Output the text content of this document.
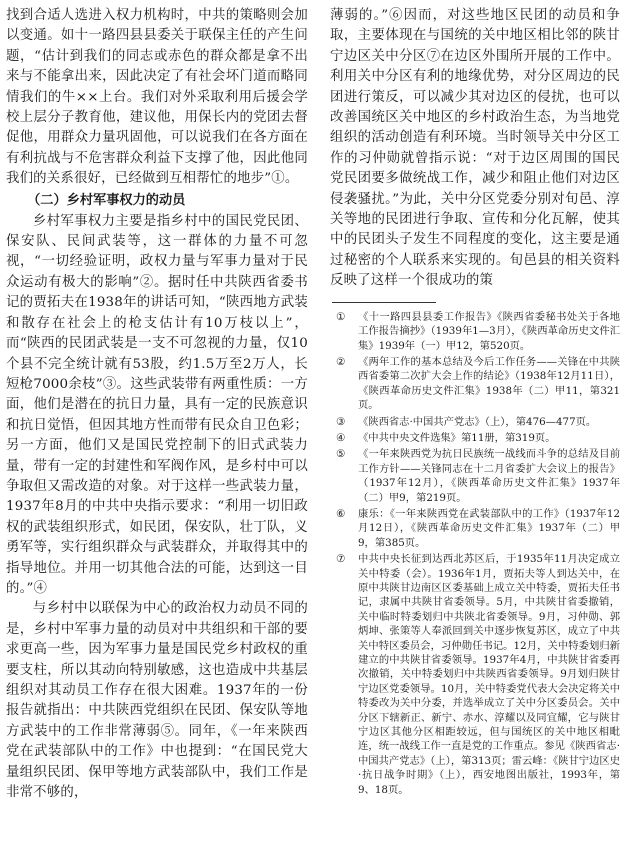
找到合适人选进入权力机构时，中共的策略则会加以变通。如十一路四县县委关于联保主任的产生问题，“估计到我们的同志或赤色的群众都是拿不出来与不能拿出来，因此决定了有社会坏门道而略同情我们的牛××上台。我们对外采取利用后援会学校上层分子教育他，建议他，用保长内的党团去督促他，用群众力量巩固他，可以说我们在各方面在有利抗战与不危害群众利益下支撑了他，因此他同我们的关系很好，已经做到互相帮忙的地步”①。

（二）乡村军事权力的动员

乡村军事权力主要是指乡村中的国民党民团、保安队、民间武装等，这一群体的力量不可忽视，“一切经验证明，政权力量与军事力量对于民众运动有极大的影响”②。据时任中共陕西省委书记的贾拓夫在1938年的讲话可知，“陕西地方武装和散存在社会上的枪支估计有10万枝以上”，而“陕西的民团武装是一支不可忽视的力量，仅10个县不完全统计就有53股，约1.5万至2万人，长短枪7000余枝”③。这些武装带有两重性质：一方面，他们是潜在的抗日力量，具有一定的民族意识和抗日觉悟，但因其地方性而带有民众自卫色彩；另一方面，他们又是国民党控制下的旧式武装力量，带有一定的封建性和军阀作风，是乡村中可以争取但又需改造的对象。对于这样一些武装力量，1937年8月的中共中央指示要求：“利用一切旧政权的武装组织形式，如民团，保安队，壮丁队，义勇军等，实行组织群众与武装群众，并取得其中的指导地位。并用一切其他合法的可能，达到这一目的。”④

与乡村中以联保为中心的政治权力动员不同的是，乡村中军事力量的动员对中共组织和干部的要求更高一些，因为军事力量是国民党乡村政权的重要支柱，所以其动向特别敏感，这也造成中共基层组织对其动员工作存在很大困难。1937年的一份报告就指出：中共陕西党组织在民团、保安队等地方武装中的工作非常薄弱⑤。同年，《一年来陕西党在武装部队中的工作》中也提到：“在国民党大量组织民团、保甲等地方武装部队中，我们工作是非常不够的，

薄弱的。”⑥因而，对这些地区民团的动员和争取，主要体现在与国统的关中地区相比邻的陕甘宁边区关中分区⑦在边区外围所开展的工作中。利用关中分区有利的地缘优势，对分区周边的民团进行策反，可以减少其对边区的侵扰，也可以改善国统区关中地区的乡村政治生态，为当地党组织的活动创造有利环境。当时领导关中分区工作的习仲勋就曾指示说：“对于边区周围的国民党民团要多做统战工作，减少和阻止他们对边区侵袭骚扰。”为此，关中分区党委分别对旬邑、淳关等地的民团进行争取、宣传和分化瓦解，使其中的民团头子发生不同程度的变化，这主要是通过秘密的个人联系来实现的。旬邑县的相关资料反映了这样一个很成功的策

①	《十一路四县县委工作报告》《陕西省委秘书处关于各地工作报告摘抄》（1939年1—3月），《陕西革命历史文件汇集》1939年（一）甲12，第520页。
②	《两年工作的基本总结及今后工作任务——关锋在中共陕西省委第二次扩大会上作的结论》（1938年12月11日），《陕西革命历史文件汇集》1938年（二）甲11，第321页。
③	《陕西省志·中国共产党志》（上），第476—477页。
④	《中共中央文件选集》第11册，第319页。
⑤	《一年来陕西党为抗日民族统一战线而斗争的总结及目前工作方针——关锋同志在十二月省委扩大会议上的报告》（1937年12月），《陕西革命历史文件汇集》1937年（二）甲9，第219页。
⑥	康乐：《一年来陕西党在武装部队中的工作》（1937年12月12日），《陕西革命历史文件汇集》1937年（二）甲9，第385页。
⑦	中共中央长征到达西北苏区后，于1935年11月决定成立关中特委（会）。1936年1月，贾拓夫等人到达关中，在原中共陕甘边南区区委基础上成立关中特委，贾拓夫任书记，隶属中共陕甘省委领导。5月，中共陕甘省委撤销，关中临时特委划归中共陕北省委领导。9月，习仲勋、郭炳坤、张策等人奉派回到关中逐步恢复苏区，成立了中共关中特区委员会，习仲勋任书记。12月，关中特委划归新建立的中共陕甘省委领导。1937年4月，中共陕甘省委再次撤销，关中特委划归中共陕西省委领导。9月划归陕甘宁边区党委领导。10月，关中特委党代表大会决定将关中特委改为关中分委，并选举成立了关中分区委员会。关中分区下辖新正、新宁、赤水、淳耀以及同宜耀，它与陕甘宁边区其他分区相距较远，但与国统区的关中地区相毗连，统一战线工作一直是党的工作重点。参见《陕西省志·中国共产党志》（上），第313页；雷云峰：《陕甘宁边区史·抗日战争时期》（上），西安地图出版社，1993年，第9、18页。
